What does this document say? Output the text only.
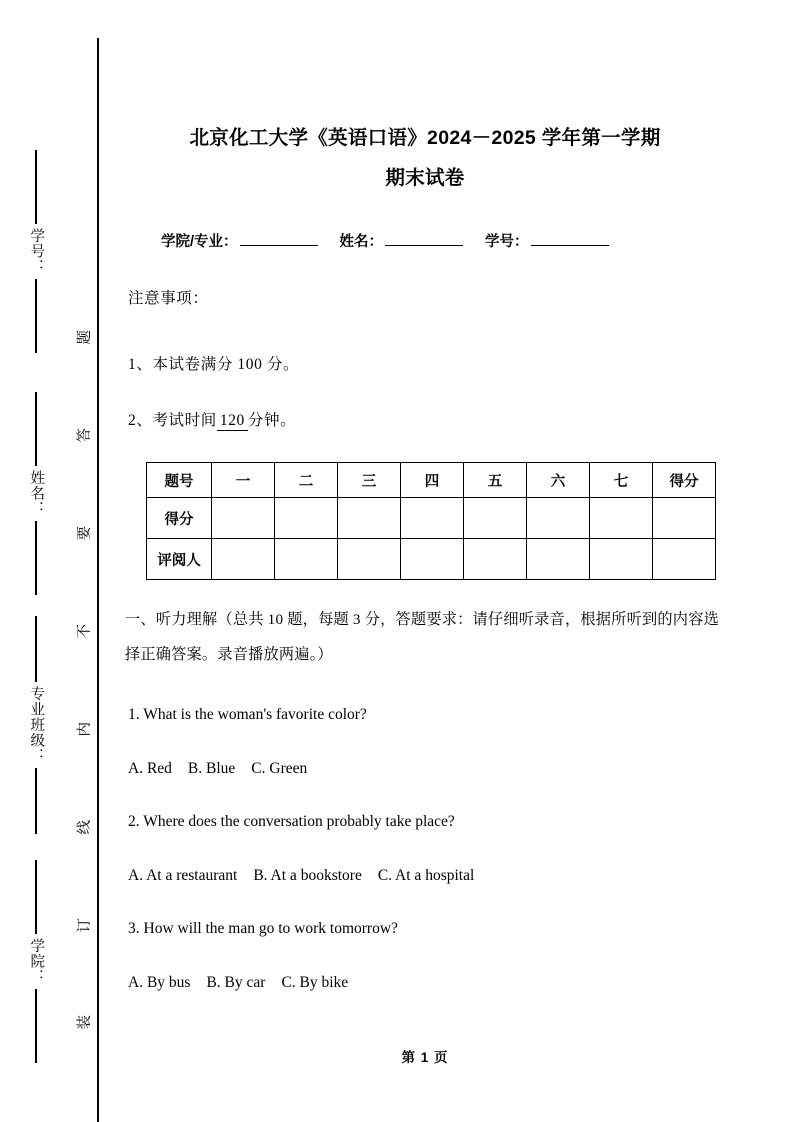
学号：
姓名：
专业班级：
学院：
题
答
要
不
内
线
订
装
北京化工大学《英语口语》2024－2025 学年第一学期
期末试卷
学院/专业：	姓名：	学号：
注意事项：
1、本试卷满分 100 分。
2、考试时间 120 分钟。
题号	一	二	三	四	五	六	七	得分
得分								
评阅人								
一、听力理解（总共 10 题，每题 3 分，答题要求：请仔细听录音，根据所听到的内容选择正确答案。录音播放两遍。）
1. What is the woman's favorite color?
A. Red B. Blue C. Green
2. Where does the conversation probably take place?
A. At a restaurant B. At a bookstore C. At a hospital
3. How will the man go to work tomorrow?
A. By bus B. By car C. By bike
第 1 页
